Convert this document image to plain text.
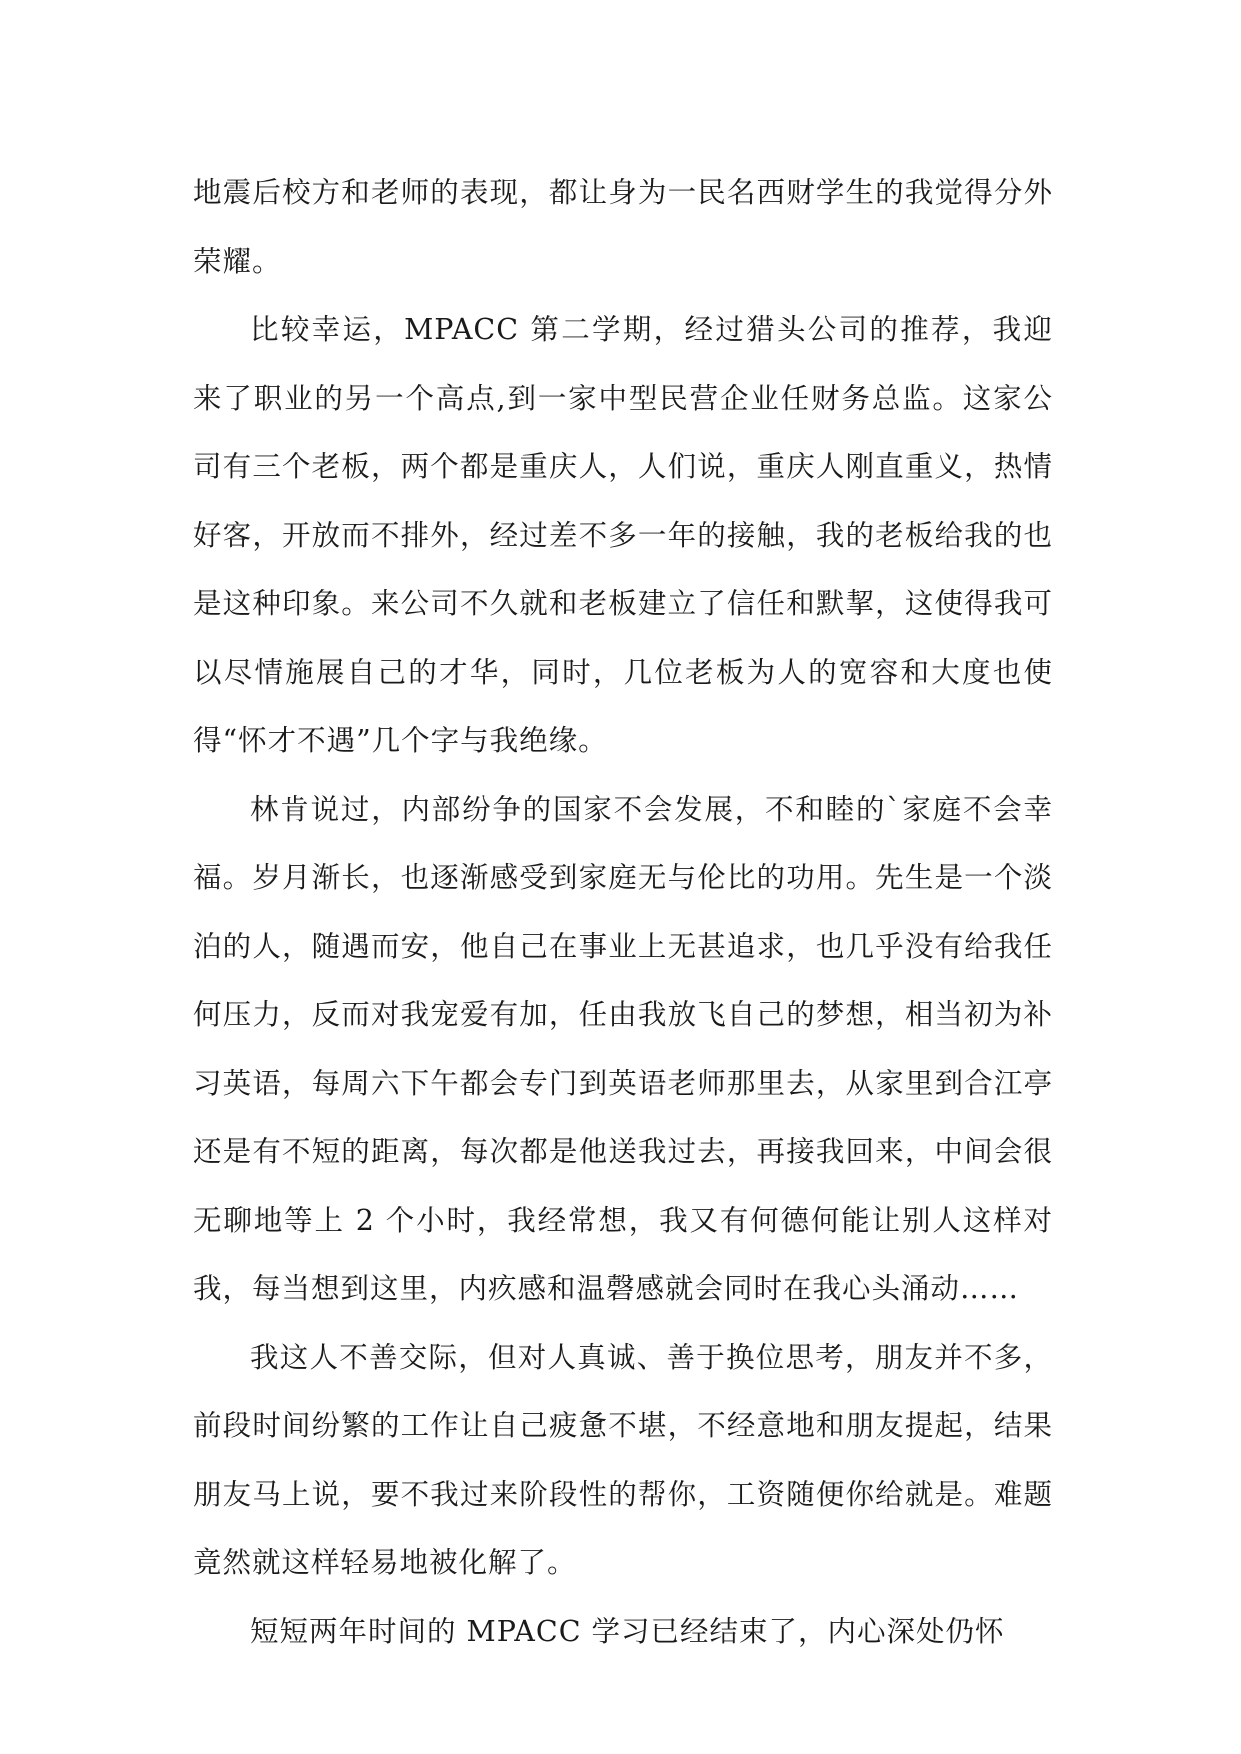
地震后校方和老师的表现，都让身为一民名西财学生的我觉得分外荣耀。

比较幸运，MPACC 第二学期，经过猎头公司的推荐，我迎来了职业的另一个高点,到一家中型民营企业任财务总监。这家公司有三个老板，两个都是重庆人，人们说，重庆人刚直重义，热情好客，开放而不排外，经过差不多一年的接触，我的老板给我的也是这种印象。来公司不久就和老板建立了信任和默挈，这使得我可以尽情施展自己的才华，同时，几位老板为人的宽容和大度也使得“怀才不遇”几个字与我绝缘。

林肯说过，内部纷争的国家不会发展，不和睦的`家庭不会幸福。岁月渐长，也逐渐感受到家庭无与伦比的功用。先生是一个淡泊的人，随遇而安，他自己在事业上无甚追求，也几乎没有给我任何压力，反而对我宠爱有加，任由我放飞自己的梦想，相当初为补习英语，每周六下午都会专门到英语老师那里去，从家里到合江亭还是有不短的距离，每次都是他送我过去，再接我回来，中间会很无聊地等上 2 个小时，我经常想，我又有何德何能让别人这样对我，每当想到这里，内疚感和温磬感就会同时在我心头涌动……

我这人不善交际，但对人真诚、善于换位思考，朋友并不多，前段时间纷繁的工作让自己疲惫不堪，不经意地和朋友提起，结果朋友马上说，要不我过来阶段性的帮你，工资随便你给就是。难题竟然就这样轻易地被化解了。

短短两年时间的 MPACC 学习已经结束了，内心深处仍怀
